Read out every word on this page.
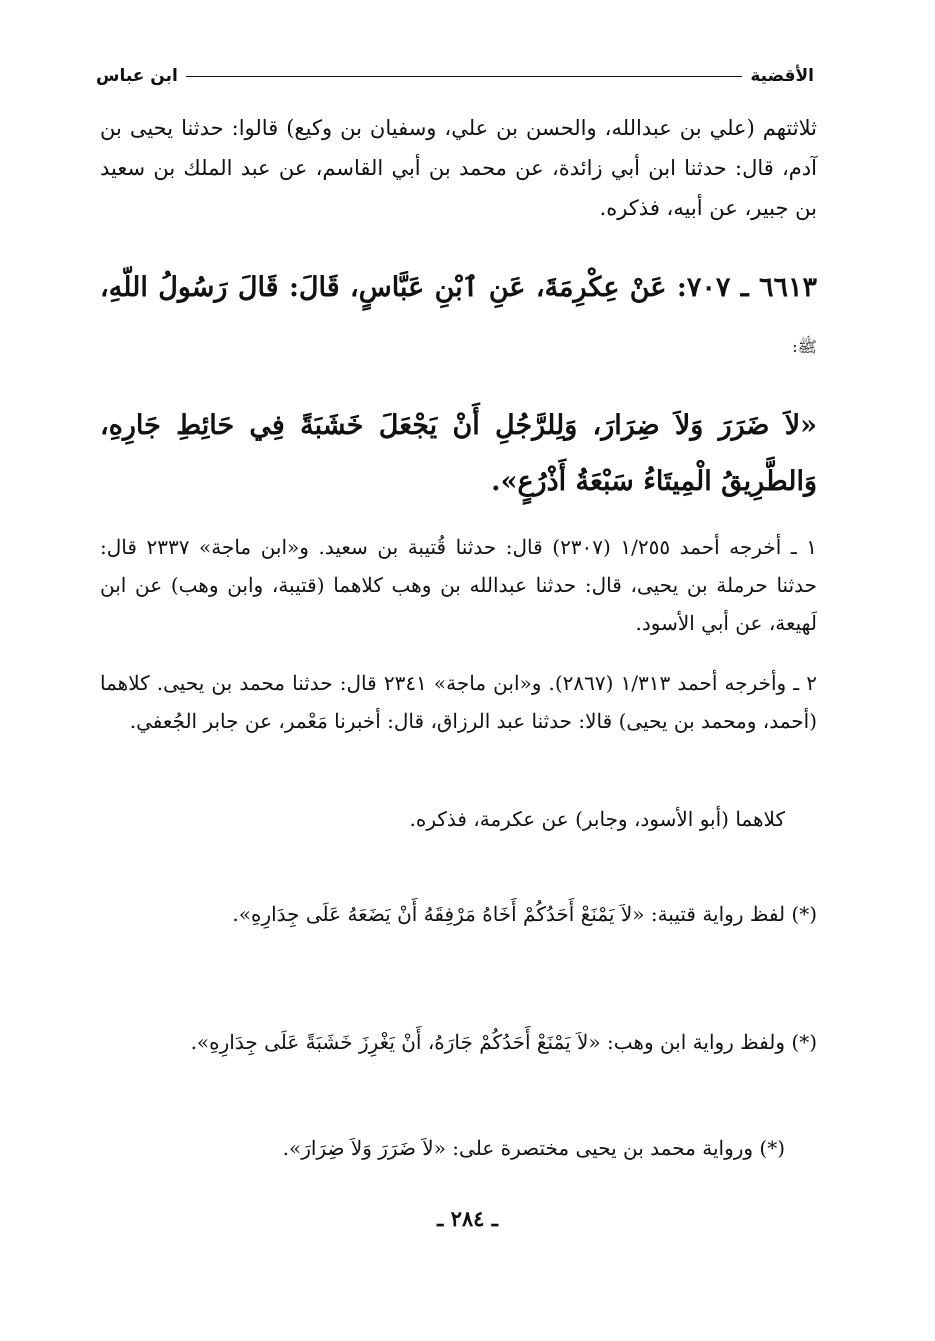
الأقضية
ابن عباس
ثلاثتهم (علي بن عبدالله، والحسن بن علي، وسفيان بن وكيع) قالوا: حدثنا يحيى بن آدم، قال: حدثنا ابن أبي زائدة، عن محمد بن أبي القاسم، عن عبد الملك بن سعيد بن جبير، عن أبيه، فذكره.
٦٦١٣ ـ ٧٠٧: عَنْ عِكْرِمَةَ، عَنِ ٱبْنِ عَبَّاسٍ، قَالَ: قَالَ رَسُولُ اللّهِ، ﷺ:
«لاَ ضَرَرَ وَلاَ ضِرَارَ، وَلِلرَّجُلِ أَنْ يَجْعَلَ خَشَبَةً فِي حَائِطِ جَارِهِ، وَالطَّرِيقُ الْمِيتَاءُ سَبْعَةُ أَذْرُعٍ».
١ ـ أخرجه أحمد ١/٢٥٥ (٢٣٠٧) قال: حدثنا قُتيبة بن سعيد. و«ابن ماجة» ٢٣٣٧ قال: حدثنا حرملة بن يحيى، قال: حدثنا عبدالله بن وهب كلاهما (قتيبة، وابن وهب) عن ابن لَهيعة، عن أبي الأسود.
٢ ـ وأخرجه أحمد ١/٣١٣ (٢٨٦٧). و«ابن ماجة» ٢٣٤١ قال: حدثنا محمد بن يحيى. كلاهما (أحمد، ومحمد بن يحيى) قالا: حدثنا عبد الرزاق، قال: أخبرنا مَعْمر، عن جابر الجُعفي.
كلاهما (أبو الأسود، وجابر) عن عكرمة، فذكره.
(*) لفظ رواية قتيبة: «لاَ يَمْنَعْ أَحَدُكُمْ أَخَاهُ مَرْفِقَهُ أَنْ يَضَعَهُ عَلَى جِدَارِهِ».
(*) ولفظ رواية ابن وهب: «لاَ يَمْنَعْ أَحَدُكُمْ جَارَهُ، أَنْ يَغْرِزَ خَشَبَةً عَلَى جِدَارِهِ».
(*) ورواية محمد بن يحيى مختصرة على: «لاَ ضَرَرَ وَلاَ ضِرَارَ».
ـ ٢٨٤ ـ
